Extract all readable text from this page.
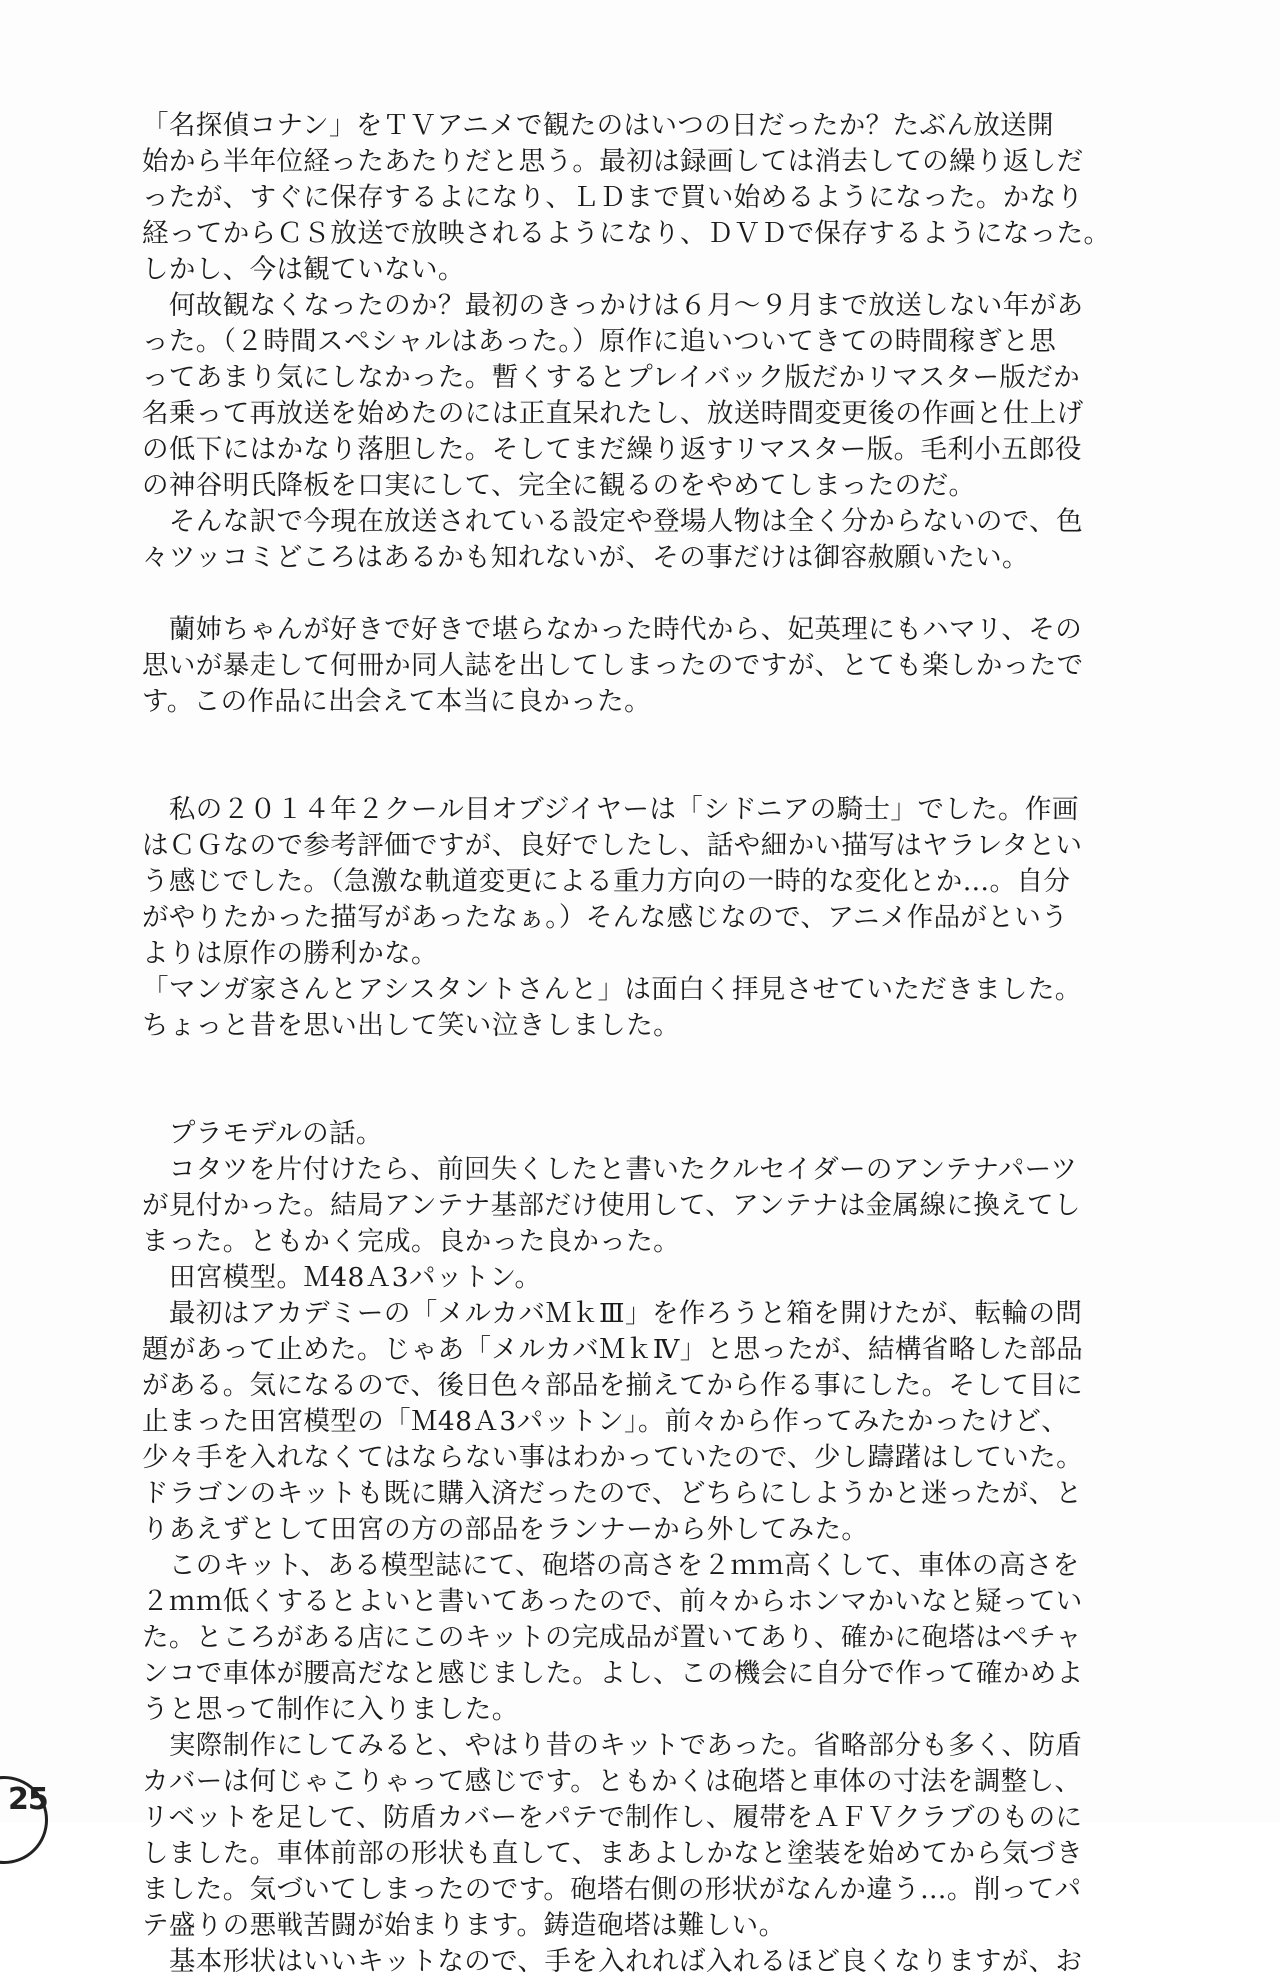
「名探偵コナン」をＴＶアニメで観たのはいつの日だったか？たぶん放送開
始から半年位経ったあたりだと思う。最初は録画しては消去しての繰り返しだ
ったが、すぐに保存するよになり、ＬＤまで買い始めるようになった。かなり
経ってからＣＳ放送で放映されるようになり、ＤＶＤで保存するようになった。
しかし、今は観ていない。
　何故観なくなったのか？最初のきっかけは６月～９月まで放送しない年があ
った。（２時間スペシャルはあった。）原作に追いついてきての時間稼ぎと思
ってあまり気にしなかった。暫くするとプレイバック版だかリマスター版だか
名乗って再放送を始めたのには正直呆れたし、放送時間変更後の作画と仕上げ
の低下にはかなり落胆した。そしてまだ繰り返すリマスター版。毛利小五郎役
の神谷明氏降板を口実にして、完全に観るのをやめてしまったのだ。
　そんな訳で今現在放送されている設定や登場人物は全く分からないので、色
々ツッコミどころはあるかも知れないが、その事だけは御容赦願いたい。
　蘭姉ちゃんが好きで好きで堪らなかった時代から、妃英理にもハマリ、その
思いが暴走して何冊か同人誌を出してしまったのですが、とても楽しかったで
す。この作品に出会えて本当に良かった。
　私の２０１４年２クール目オブジイヤーは「シドニアの騎士」でした。作画
はＣＧなので参考評価ですが、良好でしたし、話や細かい描写はヤラレタとい
う感じでした。（急激な軌道変更による重力方向の一時的な変化とか…。自分
がやりたかった描写があったなぁ。）そんな感じなので、アニメ作品がという
よりは原作の勝利かな。
「マンガ家さんとアシスタントさんと」は面白く拝見させていただきました。
ちょっと昔を思い出して笑い泣きしました。
　プラモデルの話。
　コタツを片付けたら、前回失くしたと書いたクルセイダーのアンテナパーツ
が見付かった。結局アンテナ基部だけ使用して、アンテナは金属線に換えてし
まった。ともかく完成。良かった良かった。
　田宮模型。Ｍ48Ａ3パットン。
　最初はアカデミーの「メルカバＭｋⅢ」を作ろうと箱を開けたが、転輪の問
題があって止めた。じゃあ「メルカバＭｋⅣ」と思ったが、結構省略した部品
がある。気になるので、後日色々部品を揃えてから作る事にした。そして目に
止まった田宮模型の「Ｍ48Ａ3パットン」。前々から作ってみたかったけど、
少々手を入れなくてはならない事はわかっていたので、少し躊躇はしていた。
ドラゴンのキットも既に購入済だったので、どちらにしようかと迷ったが、と
りあえずとして田宮の方の部品をランナーから外してみた。
　このキット、ある模型誌にて、砲塔の高さを２ｍｍ高くして、車体の高さを
２ｍｍ低くするとよいと書いてあったので、前々からホンマかいなと疑ってい
た。ところがある店にこのキットの完成品が置いてあり、確かに砲塔はペチャ
ンコで車体が腰高だなと感じました。よし、この機会に自分で作って確かめよ
うと思って制作に入りました。
　実際制作にしてみると、やはり昔のキットであった。省略部分も多く、防盾
カバーは何じゃこりゃって感じです。ともかくは砲塔と車体の寸法を調整し、
リベットを足して、防盾カバーをパテで制作し、履帯をＡＦＶクラブのものに
しました。車体前部の形状も直して、まあよしかなと塗装を始めてから気づき
ました。気づいてしまったのです。砲塔右側の形状がなんか違う…。削ってパ
テ盛りの悪戦苦闘が始まります。鋳造砲塔は難しい。
　基本形状はいいキットなので、手を入れれば入れるほど良くなりますが、お
25
